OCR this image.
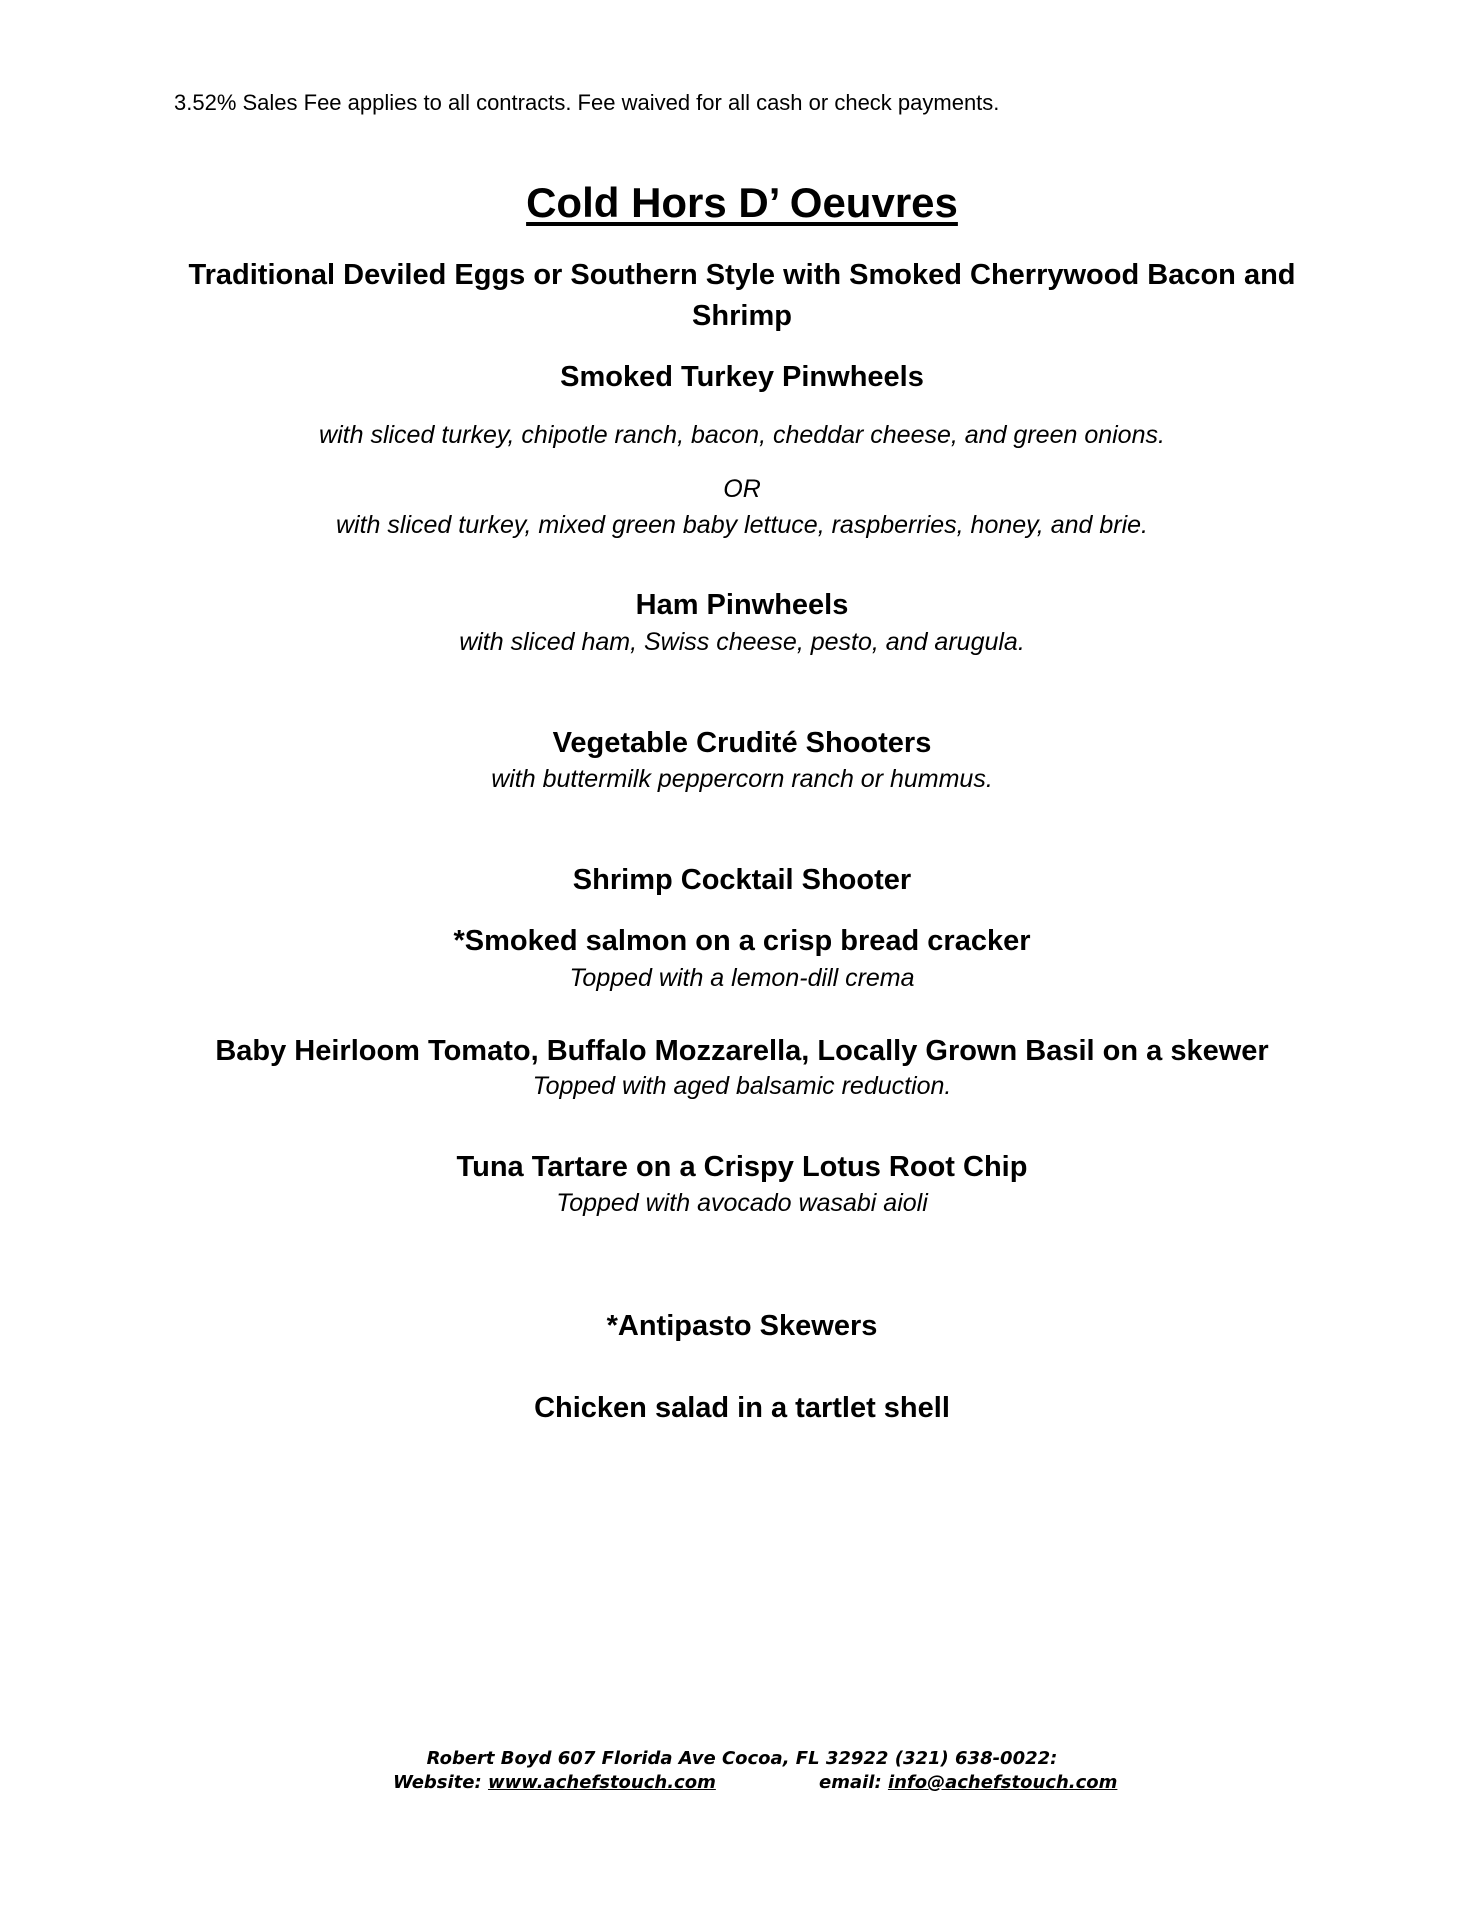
3.52% Sales Fee applies to all contracts. Fee waived for all cash or check payments.
Cold Hors D’ Oeuvres
Traditional Deviled Eggs or Southern Style with Smoked Cherrywood Bacon and
Shrimp
Smoked Turkey Pinwheels
with sliced turkey, chipotle ranch, bacon, cheddar cheese, and green onions.
OR
with sliced turkey, mixed green baby lettuce, raspberries, honey, and brie.
Ham Pinwheels
with sliced ham, Swiss cheese, pesto, and arugula.
Vegetable Crudité Shooters
with buttermilk peppercorn ranch or hummus.
Shrimp Cocktail Shooter
*Smoked salmon on a crisp bread cracker
Topped with a lemon-dill crema
Baby Heirloom Tomato, Buffalo Mozzarella, Locally Grown Basil on a skewer
Topped with aged balsamic reduction.
Tuna Tartare on a Crispy Lotus Root Chip
Topped with avocado wasabi aioli
*Antipasto Skewers
Chicken salad in a tartlet shell
Robert Boyd 607 Florida Ave Cocoa, FL 32922 (321) 638-0022:
Website: www.achefstouch.com	email: info@achefstouch.com
